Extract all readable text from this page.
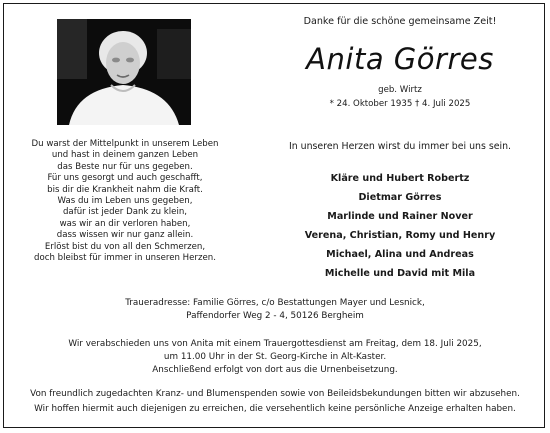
Du warst der Mittelpunkt in unserem Leben
und hast in deinem ganzen Leben
das Beste nur für uns gegeben.
Für uns gesorgt und auch geschafft,
bis dir die Krankheit nahm die Kraft.
Was du im Leben uns gegeben,
dafür ist jeder Dank zu klein,
was wir an dir verloren haben,
dass wissen wir nur ganz allein.
Erlöst bist du von all den Schmerzen,
doch bleibst für immer in unseren Herzen.
Danke für die schöne gemeinsame Zeit!
Anita Görres
geb. Wirtz
* 24. Oktober 1935 † 4. Juli 2025
In unseren Herzen wirst du immer bei uns sein.
Kläre und Hubert Robertz
Dietmar Görres
Marlinde und Rainer Nover
Verena, Christian, Romy und Henry
Michael, Alina und Andreas
Michelle und David mit Mila
Traueradresse: Familie Görres, c/o Bestattungen Mayer und Lesnick,
Paffendorfer Weg 2 - 4, 50126 Bergheim
Wir verabschieden uns von Anita mit einem Trauergottesdienst am Freitag, dem 18. Juli 2025,
um 11.00 Uhr in der St. Georg-Kirche in Alt-Kaster.
Anschließend erfolgt von dort aus die Urnenbeisetzung.
Von freundlich zugedachten Kranz- und Blumenspenden sowie von Beileidsbekundungen bitten wir abzusehen.
Wir hoffen hiermit auch diejenigen zu erreichen, die versehentlich keine persönliche Anzeige erhalten haben.
